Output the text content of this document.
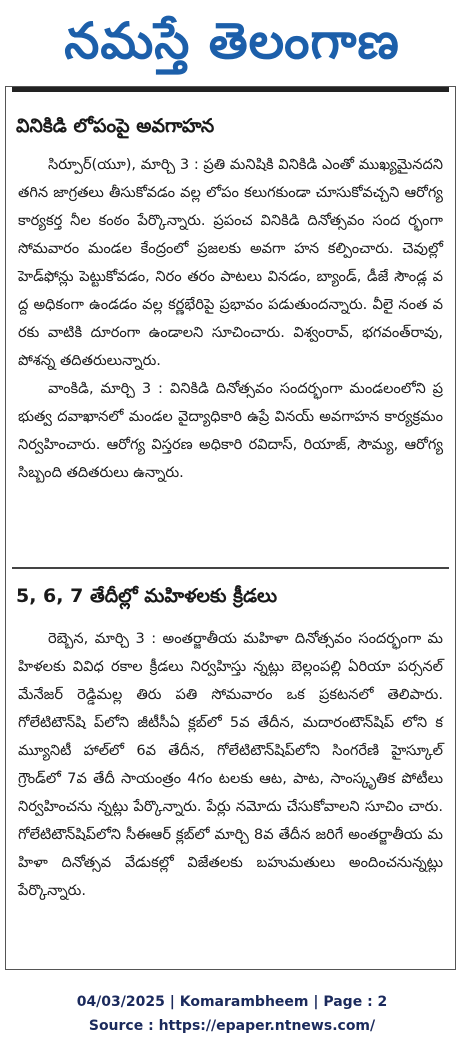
నమస్తే తెలంగాణ
వినికిడి లోపంపై అవగాహన

సిర్పూర్(యూ), మార్చి 3 : ప్రతి మనిషికి వినికిడి ఎంతో ముఖ్యమైనదని తగిన జాగ్రతలు తీసుకోవడం వల్ల లోపం కలుగకుండా చూసుకోవచ్చని ఆరోగ్య కార్యకర్త నీల కంఠం పేర్కొన్నారు. ప్రపంచ వినికిడి దినోత్సవం సంద ర్భంగా సోమవారం మండల కేంద్రంలో ప్రజలకు అవగా హన కల్పించారు. చెవుల్లో హెడ్‌ఫోన్లు పెట్టుకోవడం, నిరం తరం పాటలు వినడం, బ్యాండ్, డీజే సౌండ్ల వద్ద అధికంగా ఉండడం వల్ల కర్ణభేరిపై ప్రభావం పడుతుందన్నారు. వీలై నంత వరకు వాటికి దూరంగా ఉండాలని సూచించారు. విశ్వంరావ్, భగవంత్‌రావు, పోశన్న తదితరులున్నారు.

వాంకిడి, మార్చి 3 : వినికిడి దినోత్సవం సందర్భంగా మండలంలోని ప్రభుత్వ దవాఖానలో మండల వైద్యాధికారి ఉప్రే వినయ్ అవగాహన కార్యక్రమం నిర్వహించారు. ఆరోగ్య విస్తరణ అధికారి రవిదాస్, రియాజ్, సౌమ్య, ఆరోగ్య సిబ్బంది తదితరులు ఉన్నారు.

5, 6, 7 తేదీల్లో మహిళలకు క్రీడలు

రెబ్బెన, మార్చి 3 : అంతర్జాతీయ మహిళా దినోత్సవం సందర్భంగా మహిళలకు వివిధ రకాల క్రీడలు నిర్వహిస్తు న్నట్లు బెల్లంపల్లి ఏరియా పర్సనల్ మేనేజర్ రెడ్డిమల్ల తిరు పతి సోమవారం ఒక ప్రకటనలో తెలిపారు. గోలేటిటౌన్‌షి ప్‌లోని జీటీసీఏ క్లబ్‌లో 5వ తేదీన, మదారంటౌన్‌షిప్ లోని కమ్యూనిటీ హాల్‌లో 6వ తేదీన, గోలేటిటౌన్‌షిప్‌లోని సింగరేణి హైస్కూల్ గ్రౌండ్‌లో 7వ తేదీ సాయంత్రం 4గం టలకు ఆట, పాట, సాంస్కృతిక పోటీలు నిర్వహించను న్నట్లు పేర్కొన్నారు. పేర్లు నమోదు చేసుకోవాలని సూచిం చారు. గోలేటిటౌన్‌షిప్‌లోని సీఈఆర్ క్లబ్‌లో మార్చి 8వ తేదీన జరిగే అంతర్జాతీయ మహిళా దినోత్సవ వేడుకల్లో విజేతలకు బహుమతులు అందించనున్నట్లు పేర్కొన్నారు.

04/03/2025 | Komarambheem | Page : 2
Source : https://epaper.ntnews.com/
